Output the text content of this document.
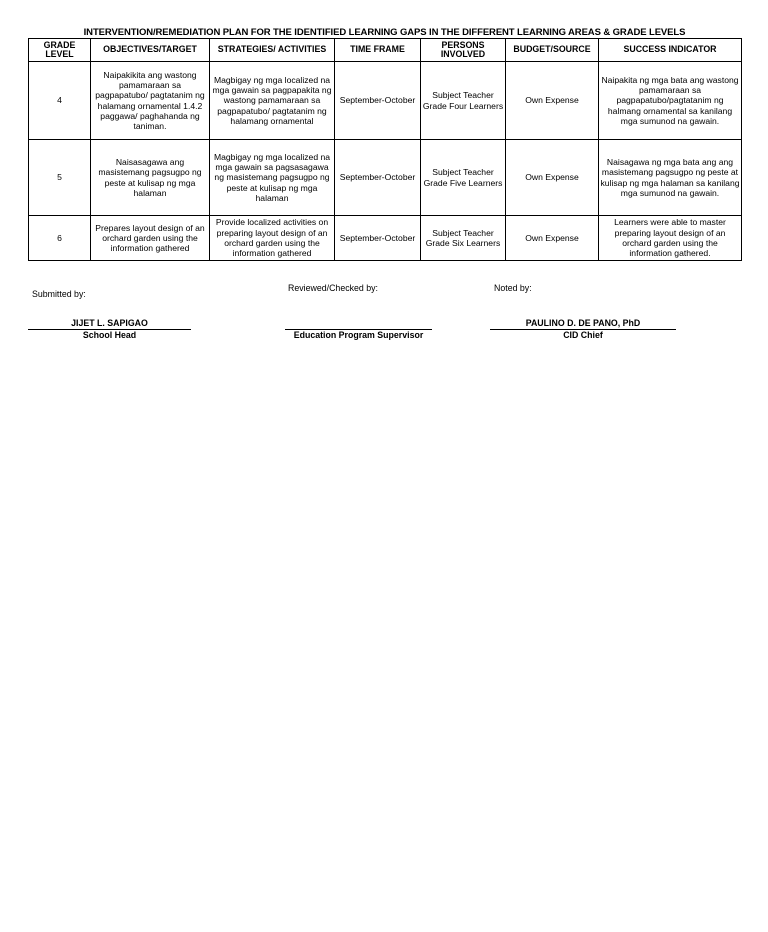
INTERVENTION/REMEDIATION PLAN FOR THE IDENTIFIED LEARNING GAPS IN THE DIFFERENT LEARNING AREAS & GRADE LEVELS
GRADE LEVEL	OBJECTIVES/TARGET	STRATEGIES/ ACTIVITIES	TIME FRAME	PERSONS INVOLVED	BUDGET/SOURCE	SUCCESS INDICATOR
4	Naipakikita ang wastong pamamaraan sa pagpapatubo/ pagtatanim ng halamang ornamental 1.4.2 paggawa/ paghahanda ng taniman.	Magbigay ng mga localized na mga gawain sa pagpapakita ng wastong pamamaraan sa pagpapatubo/ pagtatanim ng halamang ornamental	September-October	Subject Teacher Grade Four Learners	Own Expense	Naipakita ng mga bata ang wastong pamamaraan sa pagpapatubo/pagtatanim ng halmang ornamental sa kanilang mga sumunod na gawain.
5	Naisasagawa ang masistemang pagsugpo ng peste at kulisap ng mga halaman	Magbigay ng mga localized na mga gawain sa pagsasagawa ng masistemang pagsugpo ng peste at kulisap ng mga halaman	September-October	Subject Teacher Grade Five Learners	Own Expense	Naisagawa ng mga bata ang ang masistemang pagsugpo ng peste at kulisap ng mga halaman sa kanilang mga sumunod na gawain.
6	Prepares layout design of an orchard garden using the information gathered	Provide localized activities on preparing layout design of an orchard garden using the information gathered	September-October	Subject Teacher Grade Six Learners	Own Expense	Learners were able to master preparing layout design of an orchard garden using the information gathered.
Submitted by:
Reviewed/Checked by:	Noted by:
JIJET L. SAPIGAO
School Head	Education Program Supervisor
PAULINO D. DE PANO, PhD
CID Chief
